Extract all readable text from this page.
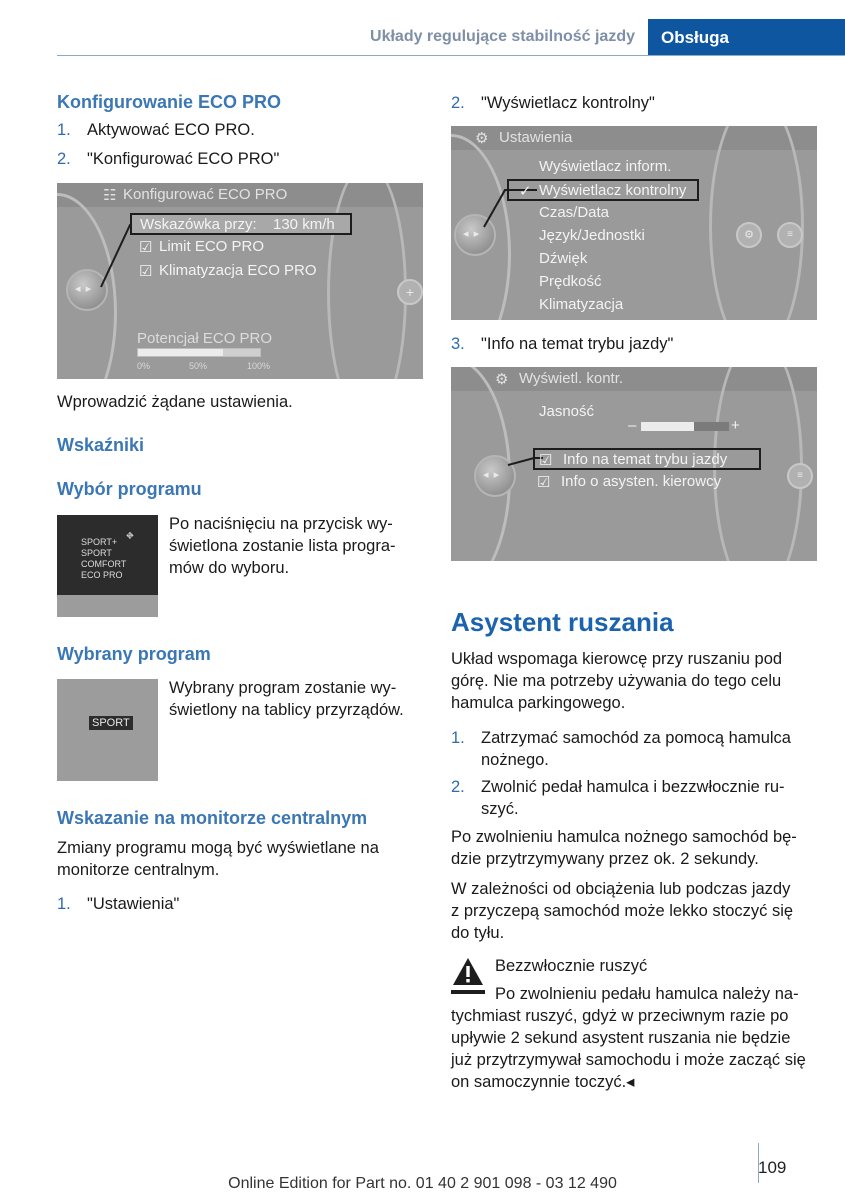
Układy regulujące stabilność jazdy	Obsługa
Konfigurowanie ECO PRO
1. Aktywować ECO PRO.
2. "Konfigurować ECO PRO"
☷ Konfigurować ECO PRO
◂ ▸
+
Wskazówka przy: 130 km/h
☑ Limit ECO PRO
☑ Klimatyzacja ECO PRO
Potencjał ECO PRO
0%	50%	100%

Wprowadzić żądane ustawienia.

Wskaźniki
Wybór programu
SPORT+
SPORT
COMFORT
ECO PRO
⛖
Po naciśnięciu na przycisk wy-
świetlona zostanie lista progra-
mów do wyboru.
Wybrany program
SPORT
Wybrany program zostanie wy-
świetlony na tablicy przyrządów.
Wskazanie na monitorze centralnym
Zmiany programu mogą być wyświetlane na
monitorze centralnym.
1. "Ustawienia"
2. "Wyświetlacz kontrolny"
⚙ Ustawienia
◂ ▸
⚙	≡
Wyświetlacz inform.
✓ Wyświetlacz kontrolny
Czas/Data
Język/Jednostki
Dźwięk
Prędkość
Klimatyzacja
3. "Info na temat trybu jazdy"
⚙ Wyświetl. kontr.
◂ ▸
≡
Jasność
–	+
☑ Info na temat trybu jazdy
☑ Info o asysten. kierowcy
Asystent ruszania
Układ wspomaga kierowcę przy ruszaniu pod
górę. Nie ma potrzeby używania do tego celu
hamulca parkingowego.
1. Zatrzymać samochód za pomocą hamulca
nożnego.
2. Zwolnić pedał hamulca i bezzwłocznie ru-
szyć.
Po zwolnieniu hamulca nożnego samochód bę-
dzie przytrzymywany przez ok. 2 sekundy.
W zależności od obciążenia lub podczas jazdy
z przyczepą samochód może lekko stoczyć się
do tyłu.
Bezzwłocznie ruszyć
Po zwolnieniu pedału hamulca należy na-
tychmiast ruszyć, gdyż w przeciwnym razie po
upływie 2 sekund asystent ruszania nie będzie
już przytrzymywał samochodu i może zacząć się
on samoczynnie toczyć.◂
109
Online Edition for Part no. 01 40 2 901 098 - 03 12 490
